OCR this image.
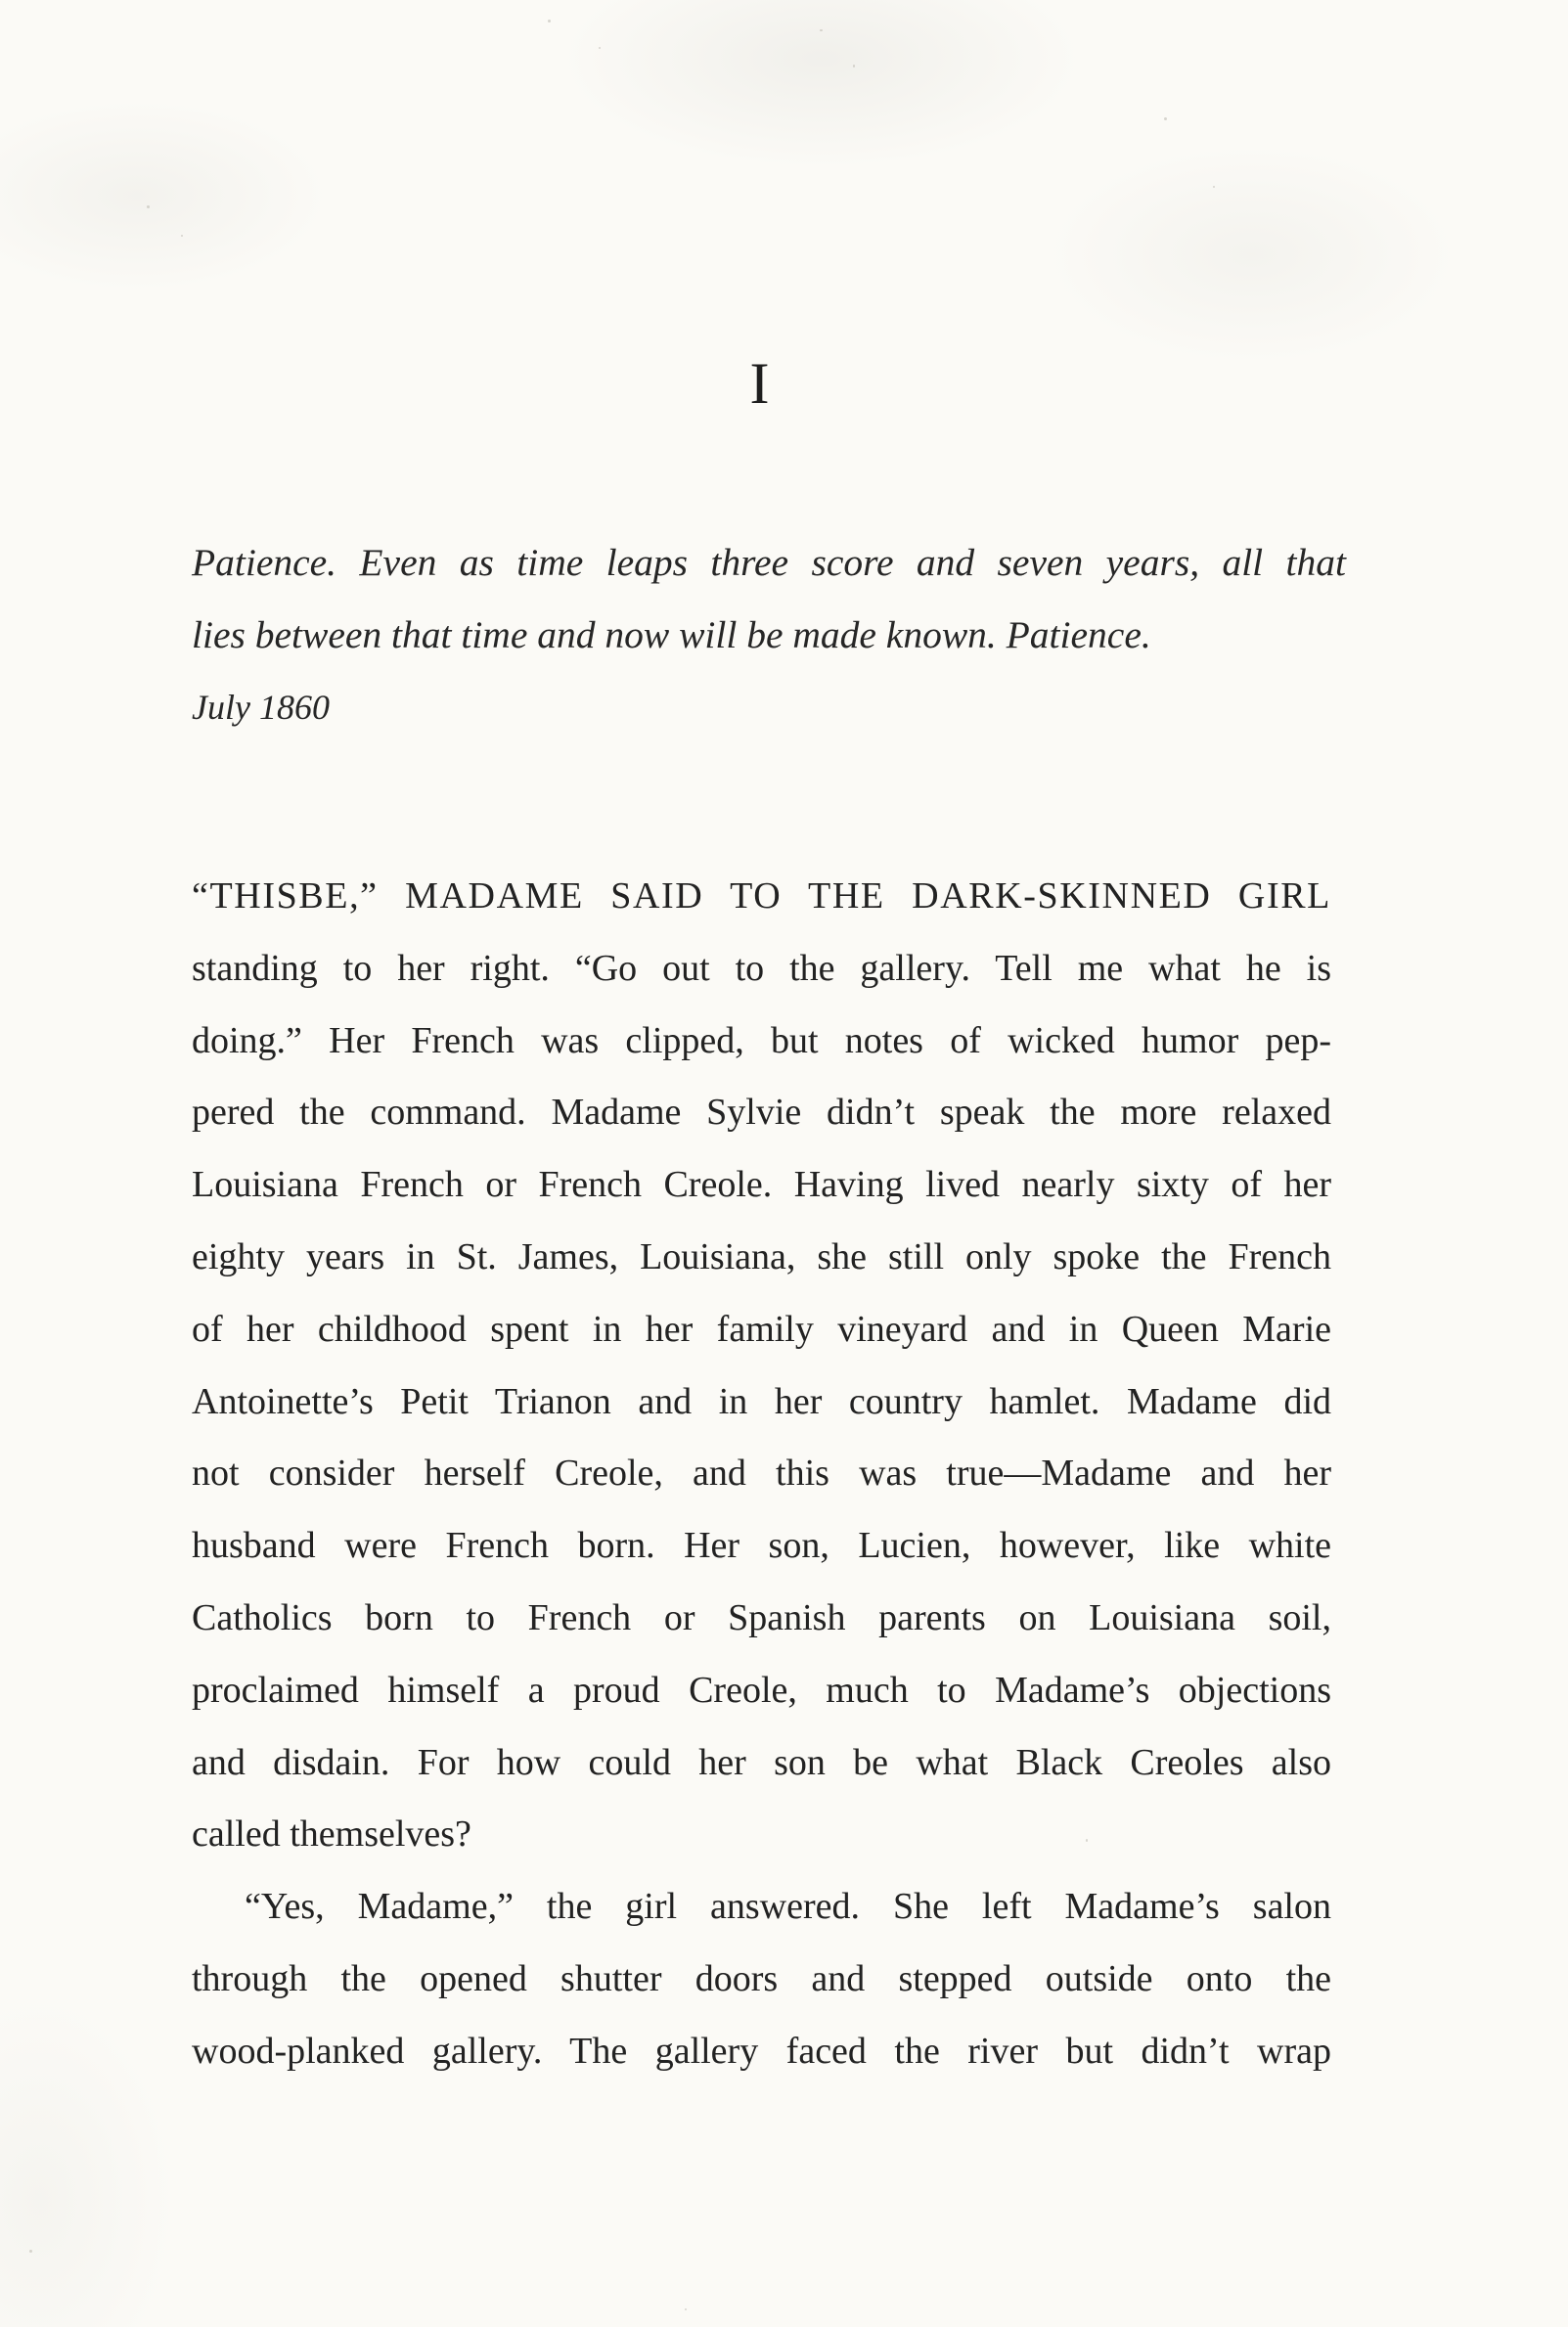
I
Patience. Even as time leaps three score and seven years, all that
lies between that time and now will be made known. Patience.
July 1860
“THISBE,” MADAME SAID TO THE DARK-SKINNED GIRL
standing to her right. “Go out to the gallery. Tell me what he is
doing.” Her French was clipped, but notes of wicked humor pep-
pered the command. Madame Sylvie didn’t speak the more relaxed
Louisiana French or French Creole. Having lived nearly sixty of her
eighty years in St. James, Louisiana, she still only spoke the French
of her childhood spent in her family vineyard and in Queen Marie
Antoinette’s Petit Trianon and in her country hamlet. Madame did
not consider herself Creole, and this was true—Madame and her
husband were French born. Her son, Lucien, however, like white
Catholics born to French or Spanish parents on Louisiana soil,
proclaimed himself a proud Creole, much to Madame’s objections
and disdain. For how could her son be what Black Creoles also
called themselves?
“Yes, Madame,” the girl answered. She left Madame’s salon
through the opened shutter doors and stepped outside onto the
wood-planked gallery. The gallery faced the river but didn’t wrap
